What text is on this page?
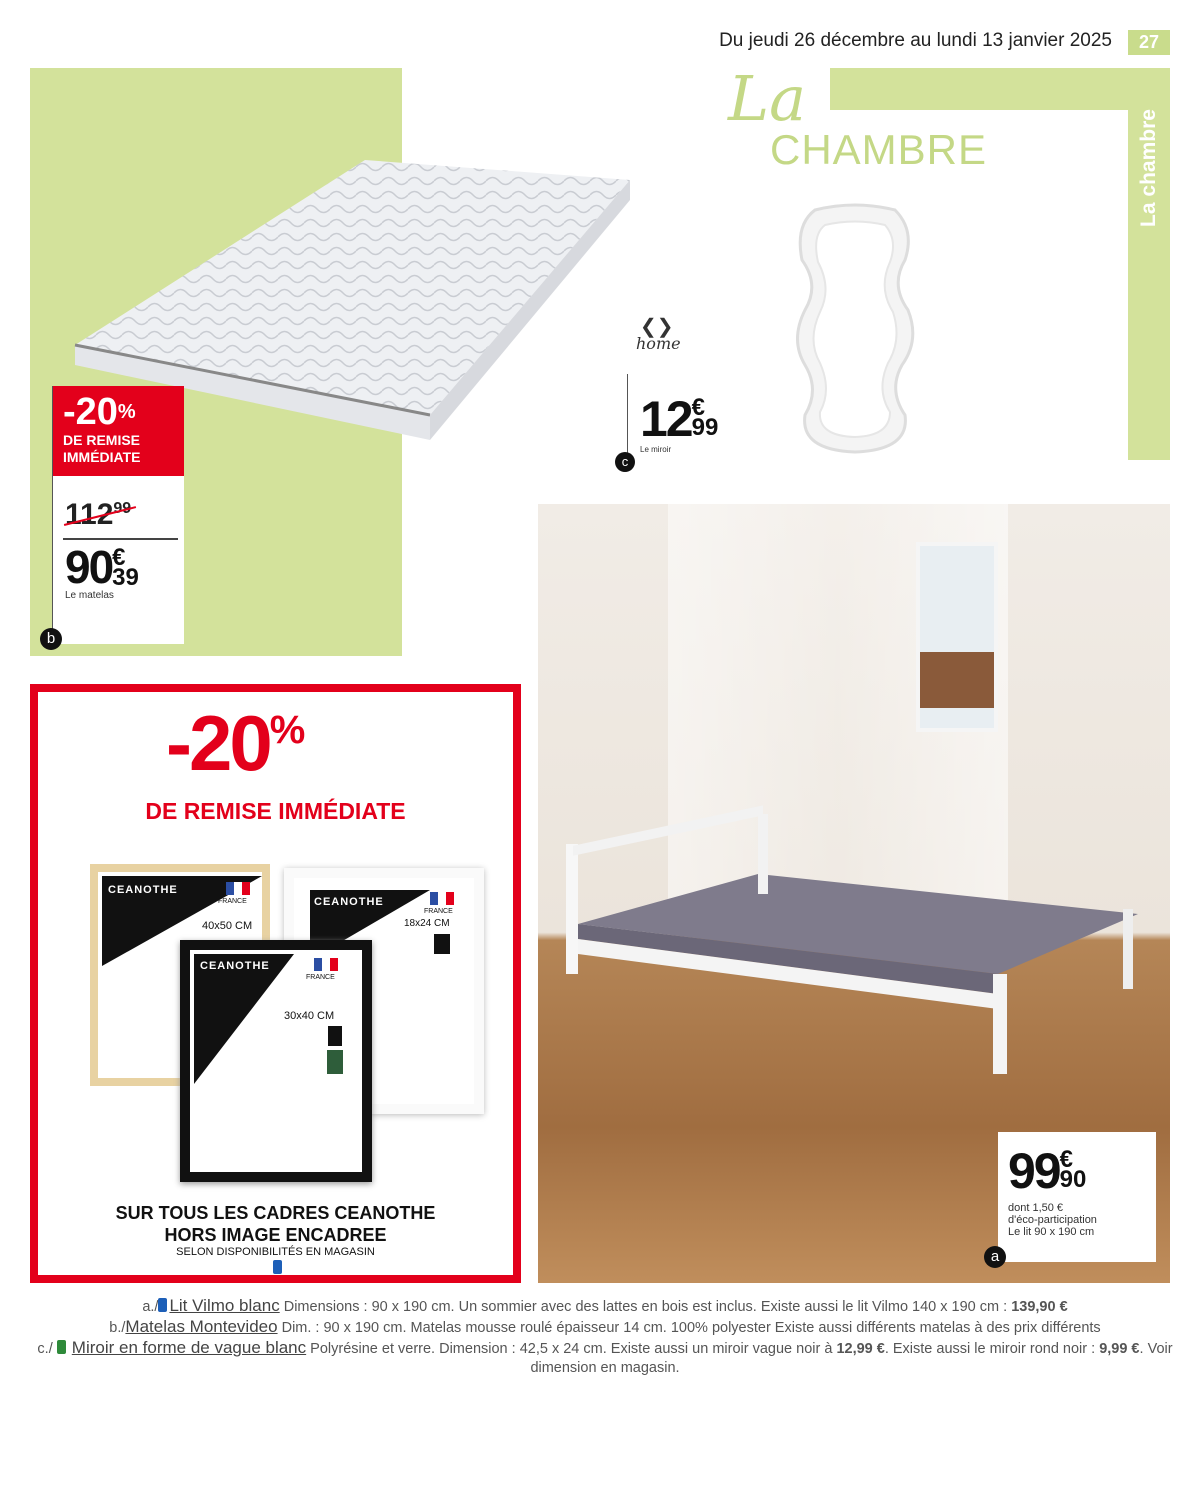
Du jeudi 26 décembre au lundi 13 janvier 2025	27
La chambre
La
CHAMBRE
-20%
DE REMISE
IMMÉDIATE
$112^{99}$
90 €
39
Le matelas
b
❮❯
home
12 €
99
Le miroir
c
99 €
90
dont 1,50 €
d'éco-participation
Le lit 90 x 190 cm
a
-20%
DE REMISE IMMÉDIATE
CEANOTHE
FRANCE
40x50 CM
CEANOTHE
FRANCE
18x24 CM
CEANOTHE
FRANCE
30x40 CM
SUR TOUS LES CADRES CEANOTHE
HORS IMAGE ENCADREE
SELON DISPONIBILITÉS EN MAGASIN
a./ Lit Vilmo blanc Dimensions : 90 x 190 cm. Un sommier avec des lattes en bois est inclus. Existe aussi le lit Vilmo 140 x 190 cm : 139,90 €
b./Matelas Montevideo Dim. : 90 x 190 cm. Matelas mousse roulé épaisseur 14 cm. 100% polyester Existe aussi différents matelas à des prix différents
c./ Miroir en forme de vague blanc Polyrésine et verre. Dimension : 42,5 x 24 cm. Existe aussi un miroir vague noir à 12,99 €. Existe aussi le miroir rond noir : 9,99 €. Voir dimension en magasin.
